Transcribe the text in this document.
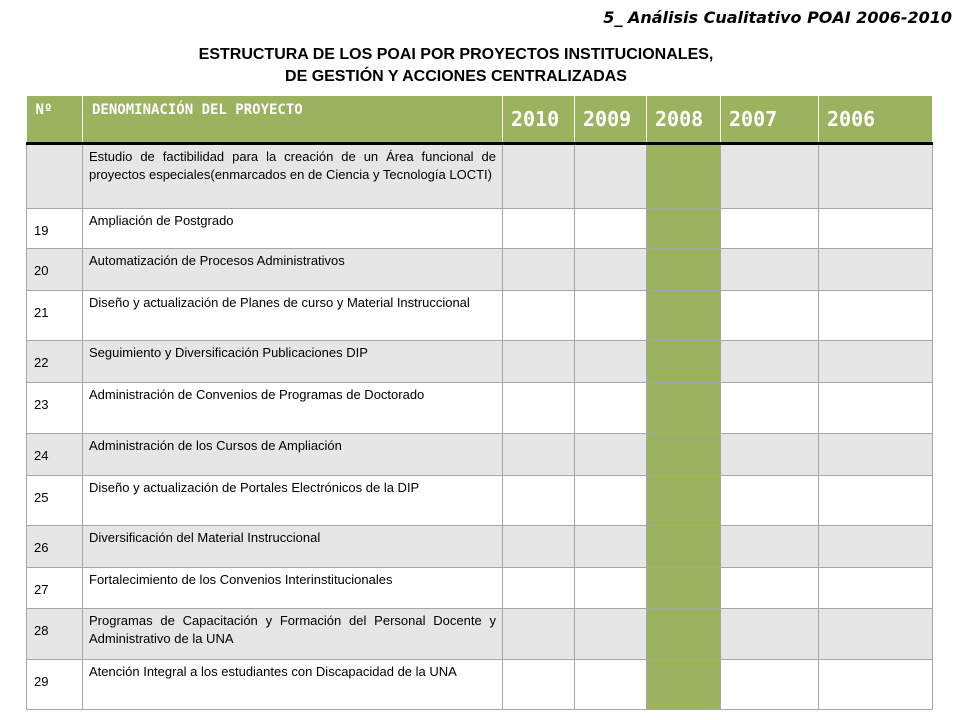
5_ Análisis Cualitativo POAI 2006-2010
ESTRUCTURA DE LOS POAI POR PROYECTOS INSTITUCIONALES,
DE GESTIÓN Y ACCIONES CENTRALIZADAS
Nº	DENOMINACIÓN DEL PROYECTO	2010	2009	2008	2007	2006
	Estudio de factibilidad para la creación de un Área funcional de proyectos especiales(enmarcados en de Ciencia y Tecnología LOCTI)					
19	Ampliación de Postgrado					
20	Automatización de Procesos Administrativos					
21	Diseño y actualización de Planes de curso y Material Instruccional					
22	Seguimiento y Diversificación Publicaciones DIP					
23	Administración de Convenios de Programas de Doctorado					
24	Administración de los Cursos de Ampliación					
25	Diseño y actualización de Portales Electrónicos de la DIP					
26	Diversificación del Material Instruccional					
27	Fortalecimiento de los Convenios Interinstitucionales					
28	Programas de Capacitación y Formación del Personal Docente y Administrativo de la UNA					
29	Atención Integral a los estudiantes con Discapacidad de la UNA					
